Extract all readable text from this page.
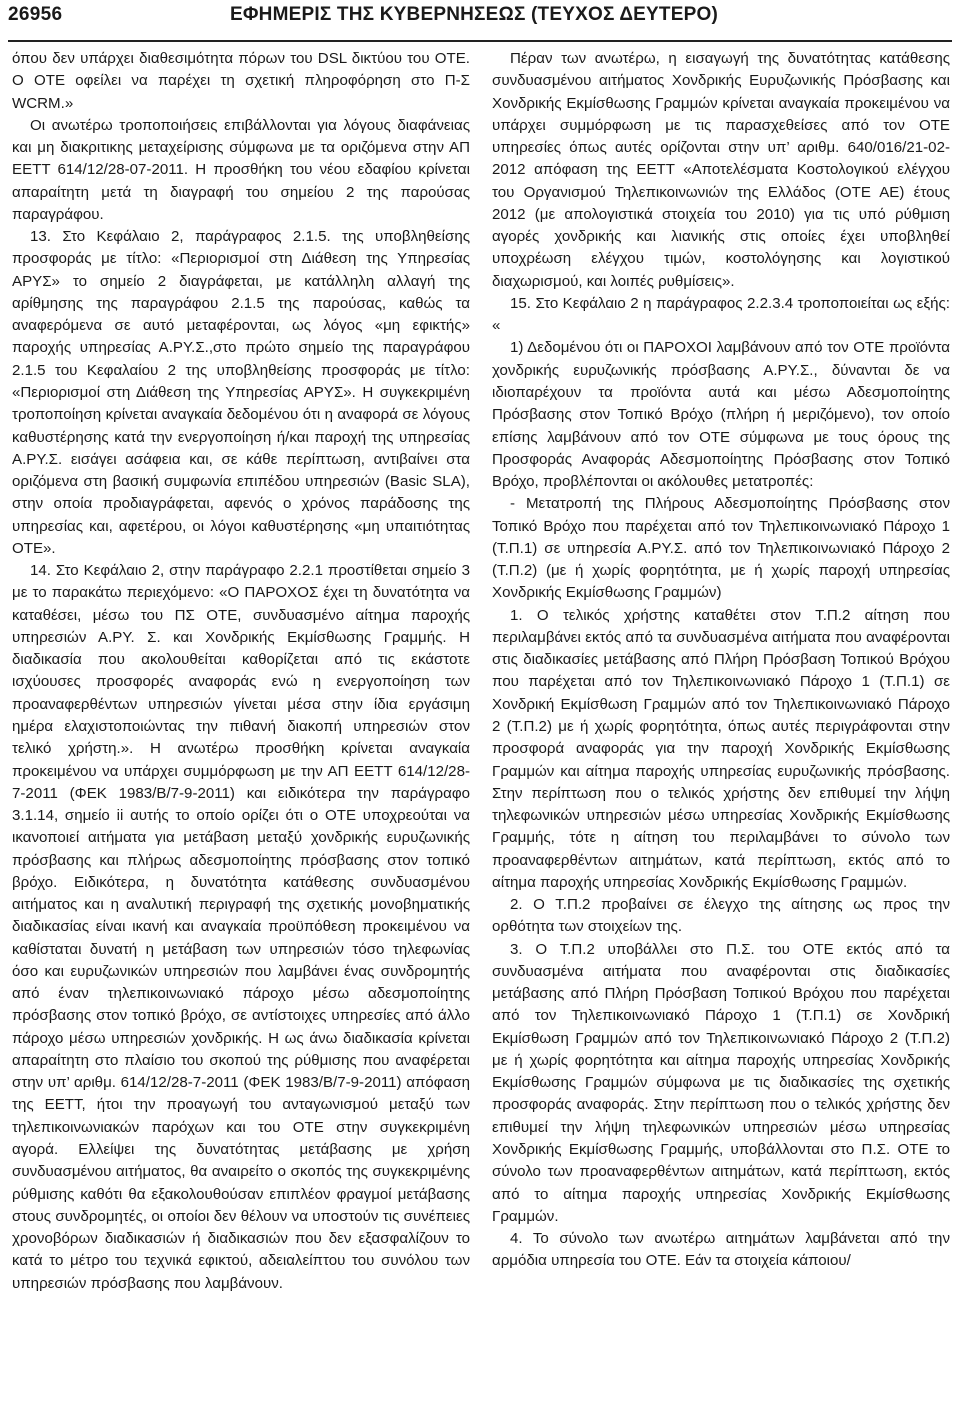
26956	ΕΦΗΜΕΡΙΣ ΤΗΣ ΚΥΒΕΡΝΗΣΕΩΣ (ΤΕΥΧΟΣ ΔΕΥΤΕΡΟ)

όπου δεν υπάρχει διαθεσιμότητα πόρων του DSL δικτύου του ΟΤΕ. Ο ΟΤΕ οφείλει να παρέχει τη σχετική πληροφόρηση στο Π-Σ WCRM.»

Οι ανωτέρω τροποποιήσεις επιβάλλονται για λόγους διαφάνειας και μη διακριτικης μεταχείρισης σύμφωνα με τα οριζόμενα στην ΑΠ ΕΕΤΤ 614/12/28-07-2011. Η προσθήκη του νέου εδαφίου κρίνεται απαραίτητη μετά τη διαγραφή του σημείου 2 της παρούσας παραγράφου.

13. Στο Κεφάλαιο 2, παράγραφος 2.1.5. της υποβληθείσης προσφοράς με τίτλο: «Περιορισμοί στη Διάθεση της Υπηρεσίας ΑΡΥΣ» το σημείο 2 διαγράφεται, με κατάλληλη αλλαγή της αρίθμησης της παραγράφου 2.1.5 της παρούσας, καθώς τα αναφερόμενα σε αυτό μεταφέρονται, ως λόγος «μη εφικτής» παροχής υπηρεσίας Α.ΡΥ.Σ.,στο πρώτο σημείο της παραγράφου 2.1.5 του Κεφαλαίου 2 της υποβληθείσης προσφοράς με τίτλο: «Περιορισμοί στη Διάθεση της Υπηρεσίας ΑΡΥΣ». Η συγκεκριμένη τροποποίηση κρίνεται αναγκαία δεδομένου ότι η αναφορά σε λόγους καθυστέρησης κατά την ενεργοποίηση ή/και παροχή της υπηρεσίας Α.ΡΥ.Σ. εισάγει ασάφεια και, σε κάθε περίπτωση, αντιβαίνει στα οριζόμενα στη βασική συμφωνία επιπέδου υπηρεσιών (Basic SLA), στην οποία προδιαγράφεται, αφενός ο χρόνος παράδοσης της υπηρεσίας και, αφετέρου, οι λόγοι καθυστέρησης «μη υπαιτιότητας ΟΤΕ».

14. Στο Κεφάλαιο 2, στην παράγραφο 2.2.1 προστίθεται σημείο 3 με το παρακάτω περιεχόμενο: «Ο ΠΑΡΟΧΟΣ έχει τη δυνατότητα να καταθέσει, μέσω του ΠΣ ΟΤΕ, συνδυασμένο αίτημα παροχής υπηρεσιών Α.ΡΥ. Σ. και Χονδρικής Εκμίσθωσης Γραμμής. Η διαδικασία που ακολουθείται καθορίζεται από τις εκάστοτε ισχύουσες προσφορές αναφοράς ενώ η ενεργοποίηση των προαναφερθέντων υπηρεσιών γίνεται μέσα στην ίδια εργάσιμη ημέρα ελαχιστοποιώντας την πιθανή διακοπή υπηρεσιών στον τελικό χρήστη.». Η ανωτέρω προσθήκη κρίνεται αναγκαία προκειμένου να υπάρχει συμμόρφωση με την ΑΠ ΕΕΤΤ 614/12/28-7-2011 (ΦΕΚ 1983/Β/7-9-2011) και ειδικότερα την παράγραφο 3.1.14, σημείο ii αυτής το οποίο ορίζει ότι ο ΟΤΕ υποχρεούται να ικανοποιεί αιτήματα για μετάβαση μεταξύ χονδρικής ευρυζωνικής πρόσβασης και πλήρως αδεσμοποίητης πρόσβασης στον τοπικό βρόχο. Ειδικότερα, η δυνατότητα κατάθεσης συνδυασμένου αιτήματος και η αναλυτική περιγραφή της σχετικής μονοβηματικής διαδικασίας είναι ικανή και αναγκαία προϋπόθεση προκειμένου να καθίσταται δυνατή η μετάβαση των υπηρεσιών τόσο τηλεφωνίας όσο και ευρυζωνικών υπηρεσιών που λαμβάνει ένας συνδρομητής από έναν τηλεπικοινωνιακό πάροχο μέσω αδεσμοποίητης πρόσβασης στον τοπικό βρόχο, σε αντίστοιχες υπηρεσίες από άλλο πάροχο μέσω υπηρεσιών χονδρικής. Η ως άνω διαδικασία κρίνεται απαραίτητη στο πλαίσιο του σκοπού της ρύθμισης που αναφέρεται στην υπ’ αριθμ. 614/12/28-7-2011 (ΦΕΚ 1983/Β/7-9-2011) απόφαση της ΕΕΤΤ, ήτοι την προαγωγή του ανταγωνισμού μεταξύ των τηλεπικοινωνιακών παρόχων και του ΟΤΕ στην συγκεκριμένη αγορά. Ελλείψει της δυνατότητας μετάβασης με χρήση συνδυασμένου αιτήματος, θα αναιρείτο ο σκοπός της συγκεκριμένης ρύθμισης καθότι θα εξακολουθούσαν επιπλέον φραγμοί μετάβασης στους συνδρομητές, οι οποίοι δεν θέλουν να υποστούν τις συνέπειες χρονοβόρων διαδικασιών ή διαδικασιών που δεν εξασφαλίζουν το κατά το μέτρο του τεχνικά εφικτού, αδειαλείπτου του συνόλου των υπηρεσιών πρόσβασης που λαμβάνουν.

Πέραν των ανωτέρω, η εισαγωγή της δυνατότητας κατάθεσης συνδυασμένου αιτήματος Χονδρικής Ευρυζωνικής Πρόσβασης και Χονδρικής Εκμίσθωσης Γραμμών κρίνεται αναγκαία προκειμένου να υπάρχει συμμόρφωση με τις παρασχεθείσες από τον ΟΤΕ υπηρεσίες όπως αυτές ορίζονται στην υπ’ αριθμ. 640/016/21-02-2012 απόφαση της ΕΕΤΤ «Αποτελέσματα Κοστολογικού ελέγχου του Οργανισμού Τηλεπικοινωνιών της Ελλάδος (ΟΤΕ ΑΕ) έτους 2012 (με απολογιστικά στοιχεία του 2010) για τις υπό ρύθμιση αγορές χονδρικής και λιανικής στις οποίες έχει υποβληθεί υποχρέωση ελέγχου τιμών, κοστολόγησης και λογιστικού διαχωρισμού, και λοιπές ρυθμίσεις».

15. Στο Κεφάλαιο 2 η παράγραφος 2.2.3.4 τροποποιείται ως εξής: «

1) Δεδομένου ότι οι ΠΑΡΟΧΟΙ λαμβάνουν από τον ΟΤΕ προϊόντα χονδρικής ευρυζωνικής πρόσβασης Α.ΡΥ.Σ., δύνανται δε να ιδιοπαρέχουν τα προϊόντα αυτά και μέσω Αδεσμοποίητης Πρόσβασης στον Τοπικό Βρόχο (πλήρη ή μεριζόμενο), τον οποίο επίσης λαμβάνουν από τον ΟΤΕ σύμφωνα με τους όρους της Προσφοράς Αναφοράς Αδεσμοποίητης Πρόσβασης στον Τοπικό Βρόχο, προβλέπονται οι ακόλουθες μετατροπές:

- Μετατροπή της Πλήρους Αδεσμοποίητης Πρόσβασης στον Τοπικό Βρόχο που παρέχεται από τον Τηλεπικοινωνιακό Πάροχο 1 (Τ.Π.1) σε υπηρεσία Α.ΡΥ.Σ. από τον Τηλεπικοινωνιακό Πάροχο 2 (Τ.Π.2) (με ή χωρίς φορητότητα, με ή χωρίς παροχή υπηρεσίας Χονδρικής Εκμίσθωσης Γραμμών)

1. Ο τελικός χρήστης καταθέτει στον Τ.Π.2 αίτηση που περιλαμβάνει εκτός από τα συνδυασμένα αιτήματα που αναφέρονται στις διαδικασίες μετάβασης από Πλήρη Πρόσβαση Τοπικού Βρόχου που παρέχεται από τον Τηλεπικοινωνιακό Πάροχο 1 (Τ.Π.1) σε Χονδρική Εκμίσθωση Γραμμών από τον Τηλεπικοινωνιακό Πάροχο 2 (Τ.Π.2) με ή χωρίς φορητότητα, όπως αυτές περιγράφονται στην προσφορά αναφοράς για την παροχή Χονδρικής Εκμίσθωσης Γραμμών και αίτημα παροχής υπηρεσίας ευρυζωνικής πρόσβασης. Στην περίπτωση που ο τελικός χρήστης δεν επιθυμεί την λήψη τηλεφωνικών υπηρεσιών μέσω υπηρεσίας Χονδρικής Εκμίσθωσης Γραμμής, τότε η αίτηση του περιλαμβάνει το σύνολο των προαναφερθέντων αιτημάτων, κατά περίπτωση, εκτός από το αίτημα παροχής υπηρεσίας Χονδρικής Εκμίσθωσης Γραμμών.

2. Ο Τ.Π.2 προβαίνει σε έλεγχο της αίτησης ως προς την ορθότητα των στοιχείων της.

3. Ο Τ.Π.2 υποβάλλει στο Π.Σ. του ΟΤΕ εκτός από τα συνδυασμένα αιτήματα που αναφέρονται στις διαδικασίες μετάβασης από Πλήρη Πρόσβαση Τοπικού Βρόχου που παρέχεται από τον Τηλεπικοινωνιακό Πάροχο 1 (Τ.Π.1) σε Χονδρική Εκμίσθωση Γραμμών από τον Τηλεπικοινωνιακό Πάροχο 2 (Τ.Π.2) με ή χωρίς φορητότητα και αίτημα παροχής υπηρεσίας Χονδρικής Εκμίσθωσης Γραμμών σύμφωνα με τις διαδικασίες της σχετικής προσφοράς αναφοράς. Στην περίπτωση που ο τελικός χρήστης δεν επιθυμεί την λήψη τηλεφωνικών υπηρεσιών μέσω υπηρεσίας Χονδρικής Εκμίσθωσης Γραμμής, υποβάλλονται στο Π.Σ. ΟΤΕ το σύνολο των προαναφερθέντων αιτημάτων, κατά περίπτωση, εκτός από το αίτημα παροχής υπηρεσίας Χονδρικής Εκμίσθωσης Γραμμών.

4. Το σύνολο των ανωτέρω αιτημάτων λαμβάνεται από την αρμόδια υπηρεσία του ΟΤΕ. Εάν τα στοιχεία κάποιου/
